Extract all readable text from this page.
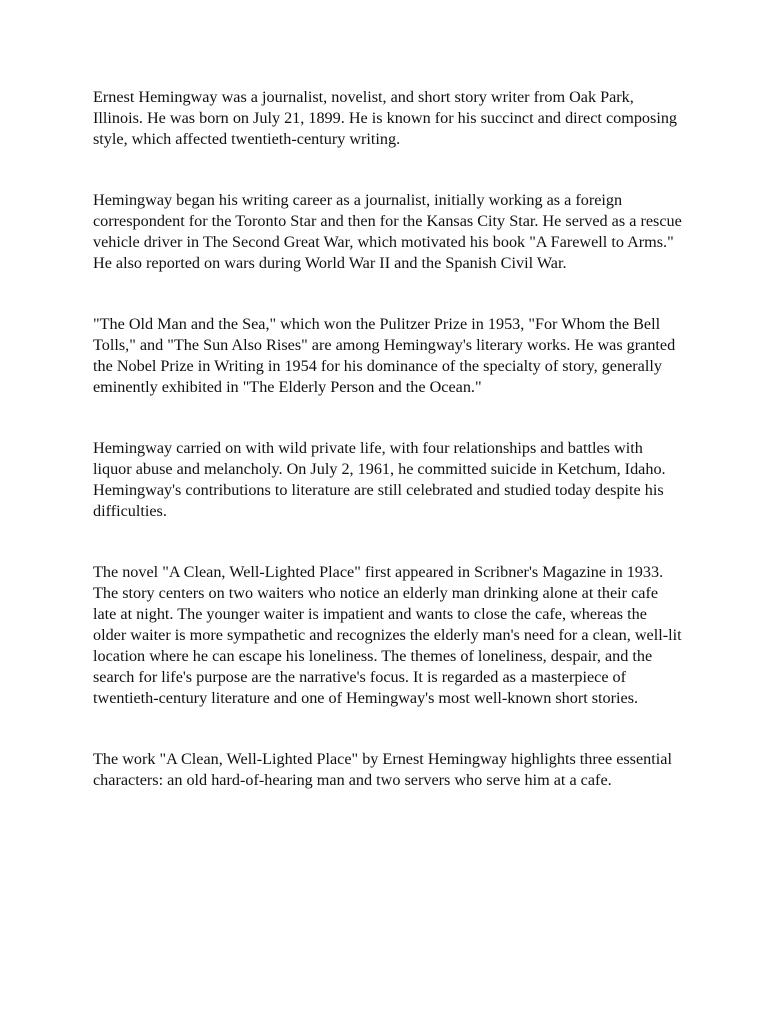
Ernest Hemingway was a journalist, novelist, and short story writer from Oak Park, Illinois. He was born on July 21, 1899. He is known for his succinct and direct composing style, which affected twentieth-century writing.

Hemingway began his writing career as a journalist, initially working as a foreign correspondent for the Toronto Star and then for the Kansas City Star. He served as a rescue vehicle driver in The Second Great War, which motivated his book "A Farewell to Arms." He also reported on wars during World War II and the Spanish Civil War.

"The Old Man and the Sea," which won the Pulitzer Prize in 1953, "For Whom the Bell Tolls," and "The Sun Also Rises" are among Hemingway's literary works. He was granted the Nobel Prize in Writing in 1954 for his dominance of the specialty of story, generally eminently exhibited in "The Elderly Person and the Ocean."

Hemingway carried on with wild private life, with four relationships and battles with liquor abuse and melancholy. On July 2, 1961, he committed suicide in Ketchum, Idaho. Hemingway's contributions to literature are still celebrated and studied today despite his difficulties.

The novel "A Clean, Well-Lighted Place" first appeared in Scribner's Magazine in 1933. The story centers on two waiters who notice an elderly man drinking alone at their cafe late at night. The younger waiter is impatient and wants to close the cafe, whereas the older waiter is more sympathetic and recognizes the elderly man's need for a clean, well-lit location where he can escape his loneliness. The themes of loneliness, despair, and the search for life's purpose are the narrative's focus. It is regarded as a masterpiece of twentieth-century literature and one of Hemingway's most well-known short stories.

The work "A Clean, Well-Lighted Place" by Ernest Hemingway highlights three essential characters: an old hard-of-hearing man and two servers who serve him at a cafe.
